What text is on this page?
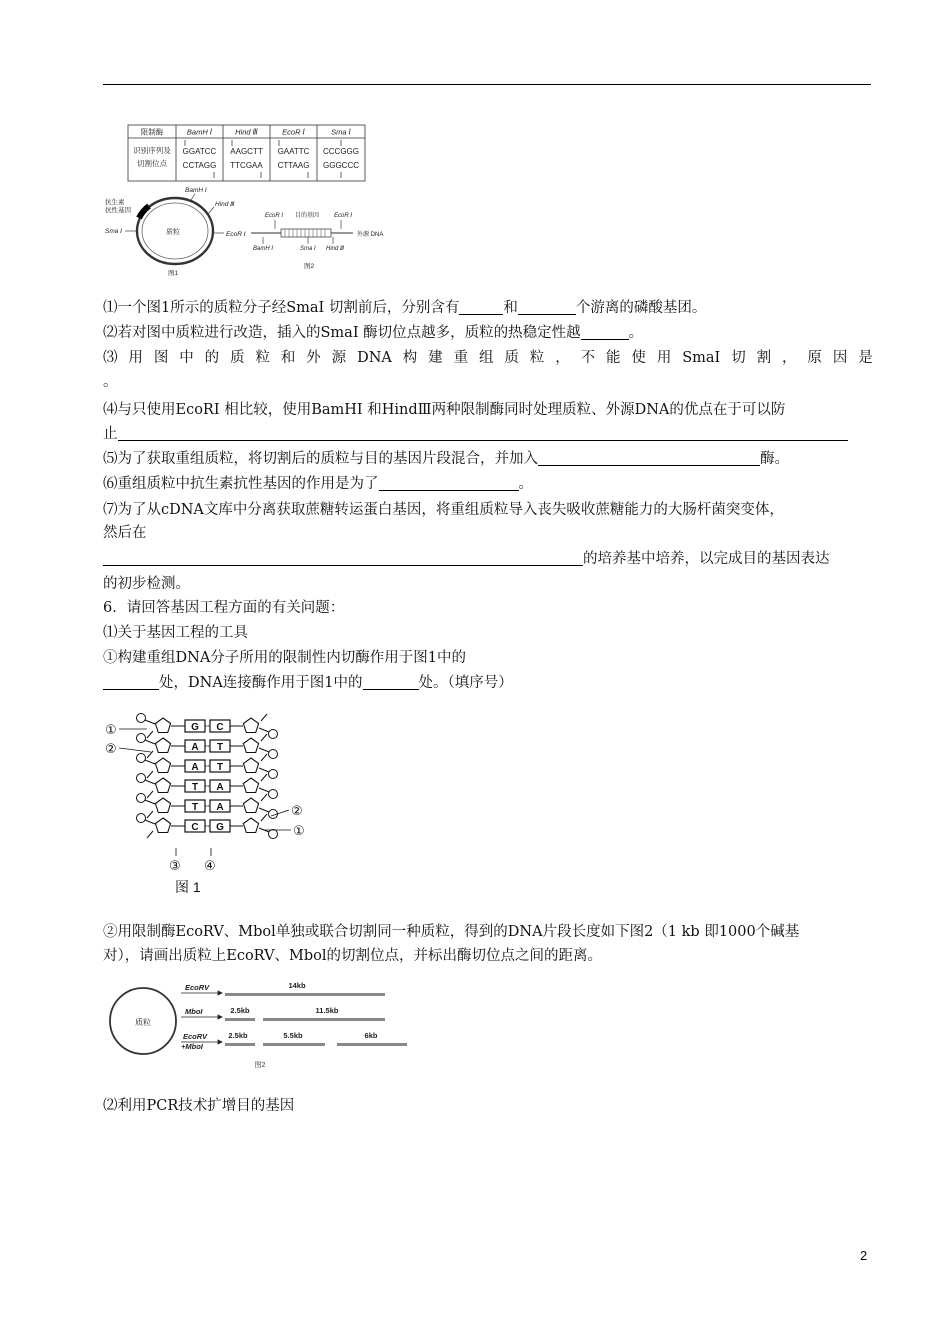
限制酶	BamH Ⅰ	Hind Ⅲ	EcoR Ⅰ	Sma Ⅰ
识别序列及
切割位点
GGATCC AAGCTT GAATTC CCCGGG
CCTAGG TTCGAA CTTAAG GGGCCC
质粒
抗生素
抗性基因
BamH Ⅰ
Hind Ⅲ
EcoR Ⅰ
Sma Ⅰ
图1
EcoR Ⅰ 目的基因 EcoR Ⅰ
外源 DNA
BamH Ⅰ	Sma Ⅰ Hind Ⅲ
图2
⑴一个图1所示的质粒分子经SmaⅠ 切割前后，分别含有	和	个游离的磷酸基团。
⑵若对图中质粒进行改造，插入的SmaⅠ 酶切位点越多，质粒的热稳定性越	。
⑶ 用 图 中 的 质 粒 和 外 源 DNA 构 建 重 组 质 粒 ， 不 能 使 用 SmaⅠ 切 割 ， 原 因 是
。
⑷与只使用EcoRⅠ 相比较，使用BamHⅠ 和HindⅢ两种限制酶同时处理质粒、外源DNA的优点在于可以防
止
⑸为了获取重组质粒，将切割后的质粒与目的基因片段混合，并加入	酶。
⑹重组质粒中抗生素抗性基因的作用是为了	。
⑺为了从cDNA文库中分离获取蔗糖转运蛋白基因，将重组质粒导入丧失吸收蔗糖能力的大肠杆菌突变体，
然后在
的培养基中培养，以完成目的基因表达
的初步检测。
6．请回答基因工程方面的有关问题：
⑴关于基因工程的工具
①构建重组DNA分子所用的限制性内切酶作用于图1中的
处，DNA连接酶作用于图1中的	处。（填序号）
G C
A T
A T
T A
T A
C G
①
②
②
①
③ ④
图 1
②用限制酶EcoRV、Mbol单独或联合切割同一种质粒，得到的DNA片段长度如下图2（1 kb 即1000个碱基
对），请画出质粒上EcoRV、Mbol的切割位点，并标出酶切位点之间的距离。
质粒
EcoRV
MboI
EcoRV
+MboI
14kb
2.5kb	11.5kb
2.5kb	5.5kb	6kb
图2
⑵利用PCR技术扩增目的基因
2
